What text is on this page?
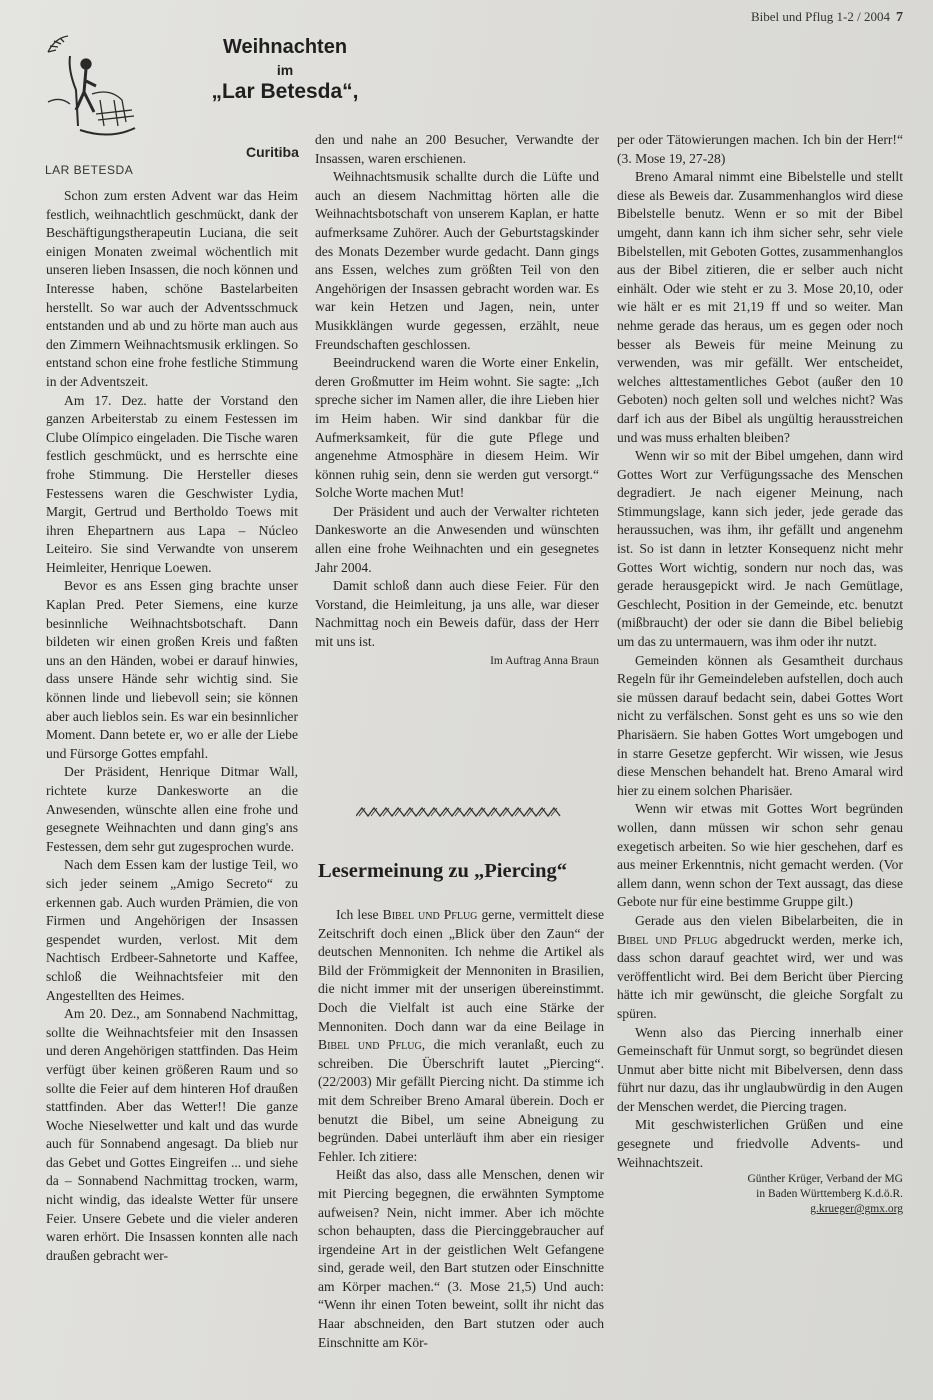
Bibel und Pflug 1-2 / 2004 7
LAR BETESDA
Weihnachten
im
„Lar Betesda“,
Curitiba

Schon zum ersten Advent war das Heim festlich, weihnachtlich geschmückt, dank der Beschäftigungstherapeutin Luciana, die seit einigen Monaten zweimal wöchentlich mit unseren lieben Insassen, die noch können und Interesse haben, schöne Bastelarbeiten herstellt. So war auch der Adventsschmuck entstanden und ab und zu hörte man auch aus den Zimmern Weihnachtsmusik erklingen. So entstand schon eine frohe festliche Stimmung in der Adventszeit.

Am 17. Dez. hatte der Vorstand den ganzen Arbeiterstab zu einem Festessen im Clube Olímpico eingeladen. Die Tische waren festlich geschmückt, und es herrschte eine frohe Stimmung. Die Hersteller dieses Festessens waren die Geschwister Lydia, Margit, Gertrud und Bertholdo Toews mit ihren Ehepartnern aus Lapa – Núcleo Leiteiro. Sie sind Verwandte von unserem Heimleiter, Henrique Loewen.

Bevor es ans Essen ging brachte unser Kaplan Pred. Peter Siemens, eine kurze besinnliche Weihnachtsbotschaft. Dann bildeten wir einen großen Kreis und faßten uns an den Händen, wobei er darauf hinwies, dass unsere Hände sehr wichtig sind. Sie können linde und liebevoll sein; sie können aber auch lieblos sein. Es war ein besinnlicher Moment. Dann betete er, wo er alle der Liebe und Fürsorge Gottes empfahl.

Der Präsident, Henrique Ditmar Wall, richtete kurze Dankesworte an die Anwesenden, wünschte allen eine frohe und gesegnete Weihnachten und dann ging's ans Festessen, dem sehr gut zugesprochen wurde.

Nach dem Essen kam der lustige Teil, wo sich jeder seinem „Amigo Secreto“ zu erkennen gab. Auch wurden Prämien, die von Firmen und Angehörigen der Insassen gespendet wurden, verlost. Mit dem Nachtisch Erdbeer-Sahnetorte und Kaffee, schloß die Weihnachtsfeier mit den Angestellten des Heimes.

Am 20. Dez., am Sonnabend Nachmittag, sollte die Weihnachtsfeier mit den Insassen und deren Angehörigen stattfinden. Das Heim verfügt über keinen größeren Raum und so sollte die Feier auf dem hinteren Hof draußen stattfinden. Aber das Wetter!! Die ganze Woche Nieselwetter und kalt und das wurde auch für Sonnabend angesagt. Da blieb nur das Gebet und Gottes Eingreifen ... und siehe da – Sonnabend Nachmittag trocken, warm, nicht windig, das idealste Wetter für unsere Feier. Unsere Gebete und die vieler anderen waren erhört. Die Insassen konnten alle nach draußen gebracht wer-

den und nahe an 200 Besucher, Verwandte der Insassen, waren erschienen.

Weihnachtsmusik schallte durch die Lüfte und auch an diesem Nachmittag hörten alle die Weihnachtsbotschaft von unserem Kaplan, er hatte aufmerksame Zuhörer. Auch der Geburtstagskinder des Monats Dezember wurde gedacht. Dann gings ans Essen, welches zum größten Teil von den Angehörigen der Insassen gebracht worden war. Es war kein Hetzen und Jagen, nein, unter Musikklängen wurde gegessen, erzählt, neue Freundschaften geschlossen.

Beeindruckend waren die Worte einer Enkelin, deren Großmutter im Heim wohnt. Sie sagte: „Ich spreche sicher im Namen aller, die ihre Lieben hier im Heim haben. Wir sind dankbar für die Aufmerksamkeit, für die gute Pflege und angenehme Atmosphäre in diesem Heim. Wir können ruhig sein, denn sie werden gut versorgt.“ Solche Worte machen Mut!

Der Präsident und auch der Verwalter richteten Dankesworte an die Anwesenden und wünschten allen eine frohe Weihnachten und ein gesegnetes Jahr 2004.

Damit schloß dann auch diese Feier. Für den Vorstand, die Heimleitung, ja uns alle, war dieser Nachmittag noch ein Beweis dafür, dass der Herr mit uns ist.

Im Auftrag Anna Braun

Lesermeinung zu „Piercing“

Ich lese Bibel und Pflug gerne, vermittelt diese Zeitschrift doch einen „Blick über den Zaun“ der deutschen Mennoniten. Ich nehme die Artikel als Bild der Frömmigkeit der Mennoniten in Brasilien, die nicht immer mit der unserigen übereinstimmt. Doch die Vielfalt ist auch eine Stärke der Mennoniten. Doch dann war da eine Beilage in Bibel und Pflug, die mich veranlaßt, euch zu schreiben. Die Überschrift lautet „Piercing“. (22/2003) Mir gefällt Piercing nicht. Da stimme ich mit dem Schreiber Breno Amaral überein. Doch er benutzt die Bibel, um seine Abneigung zu begründen. Dabei unterläuft ihm aber ein riesiger Fehler. Ich zitiere:

Heißt das also, dass alle Menschen, denen wir mit Piercing begegnen, die erwähnten Symptome aufweisen? Nein, nicht immer. Aber ich möchte schon behaupten, dass die Piercinggebraucher auf irgendeine Art in der geistlichen Welt Gefangene sind, gerade weil, den Bart stutzen oder Einschnitte am Körper machen.“ (3. Mose 21,5) Und auch: “Wenn ihr einen Toten beweint, sollt ihr nicht das Haar abschneiden, den Bart stutzen oder auch Einschnitte am Kör-

per oder Tätowierungen machen. Ich bin der Herr!“ (3. Mose 19, 27-28)

Breno Amaral nimmt eine Bibelstelle und stellt diese als Beweis dar. Zusammenhanglos wird diese Bibelstelle benutz. Wenn er so mit der Bibel umgeht, dann kann ich ihm sicher sehr, sehr viele Bibelstellen, mit Geboten Gottes, zusammenhanglos aus der Bibel zitieren, die er selber auch nicht einhält. Oder wie steht er zu 3. Mose 20,10, oder wie hält er es mit 21,19 ff und so weiter. Man nehme gerade das heraus, um es gegen oder noch besser als Beweis für meine Meinung zu verwenden, was mir gefällt. Wer entscheidet, welches alttestamentliches Gebot (außer den 10 Geboten) noch gelten soll und welches nicht? Was darf ich aus der Bibel als ungültig herausstreichen und was muss erhalten bleiben?

Wenn wir so mit der Bibel umgehen, dann wird Gottes Wort zur Verfügungssache des Menschen degradiert. Je nach eigener Meinung, nach Stimmungslage, kann sich jeder, jede gerade das heraussuchen, was ihm, ihr gefällt und angenehm ist. So ist dann in letzter Konsequenz nicht mehr Gottes Wort wichtig, sondern nur noch das, was gerade herausgepickt wird. Je nach Gemütlage, Geschlecht, Position in der Gemeinde, etc. benutzt (mißbraucht) der oder sie dann die Bibel beliebig um das zu untermauern, was ihm oder ihr nutzt.

Gemeinden können als Gesamtheit durchaus Regeln für ihr Gemeindeleben aufstellen, doch auch sie müssen darauf bedacht sein, dabei Gottes Wort nicht zu verfälschen. Sonst geht es uns so wie den Pharisäern. Sie haben Gottes Wort umgebogen und in starre Gesetze gepfercht. Wir wissen, wie Jesus diese Menschen behandelt hat. Breno Amaral wird hier zu einem solchen Pharisäer.

Wenn wir etwas mit Gottes Wort begründen wollen, dann müssen wir schon sehr genau exegetisch arbeiten. So wie hier geschehen, darf es aus meiner Erkenntnis, nicht gemacht werden. (Vor allem dann, wenn schon der Text aussagt, das diese Gebote nur für eine bestimme Gruppe gilt.)

Gerade aus den vielen Bibelarbeiten, die in Bibel und Pflug abgedruckt werden, merke ich, dass schon darauf geachtet wird, wer und was veröffentlicht wird. Bei dem Bericht über Piercing hätte ich mir gewünscht, die gleiche Sorgfalt zu spüren.

Wenn also das Piercing innerhalb einer Gemeinschaft für Unmut sorgt, so begründet diesen Unmut aber bitte nicht mit Bibelversen, denn dass führt nur dazu, das ihr unglaubwürdig in den Augen der Menschen werdet, die Piercing tragen.

Mit geschwisterlichen Grüßen und eine gesegnete und friedvolle Advents- und Weihnachtszeit.

Günther Krüger, Verband der MG
in Baden Württemberg K.d.ö.R.
g.krueger@gmx.org
